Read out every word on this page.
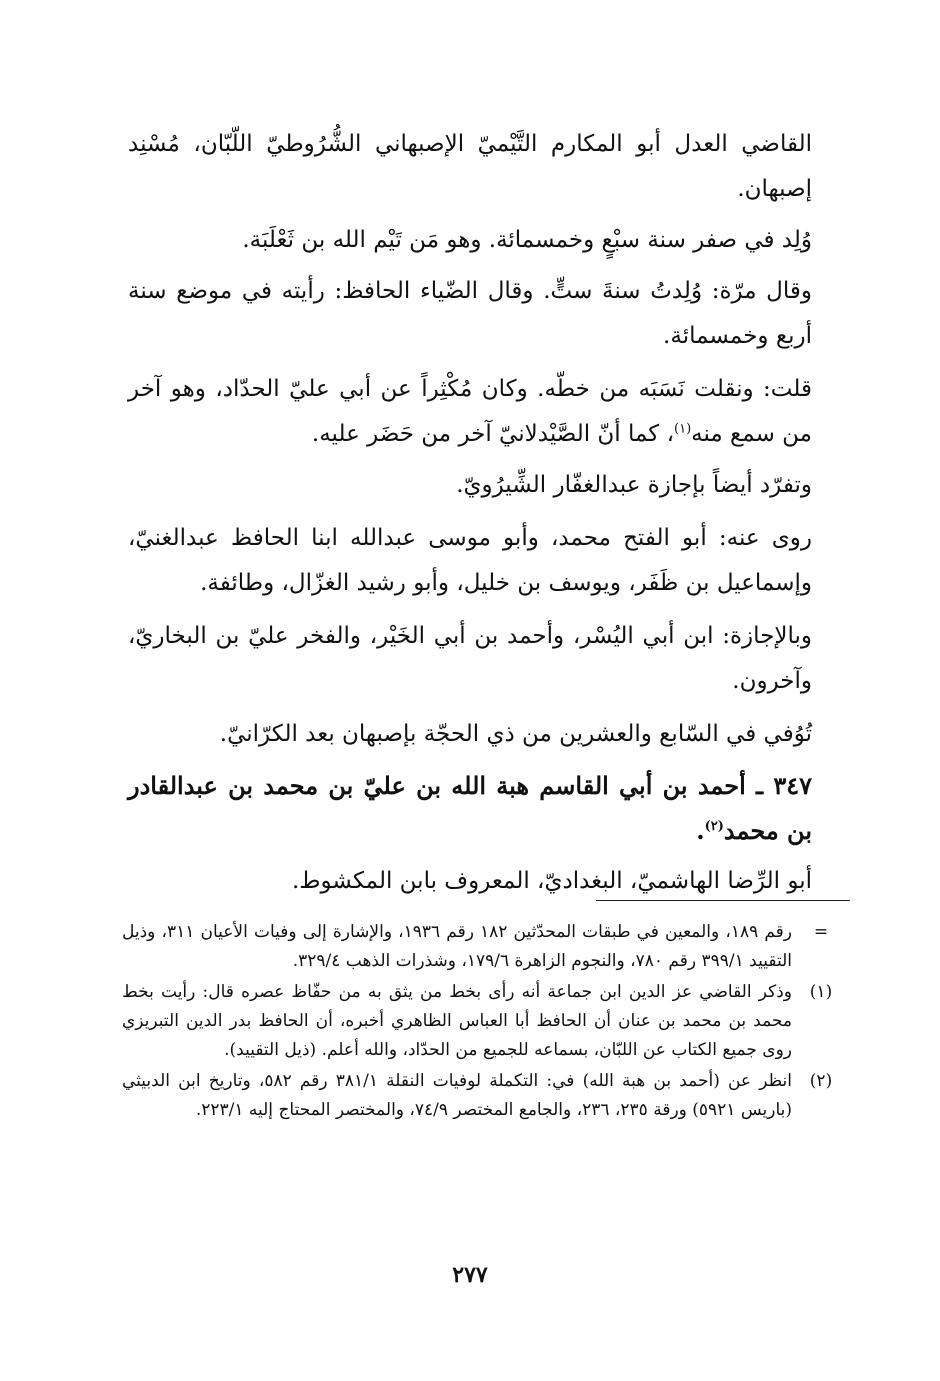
القاضي العدل أبو المكارم التَّيْميّ الإصبهاني الشُّرُوطيّ اللّبّان، مُسْنِد إصبهان.

وُلِد في صفر سنة سبْعٍ وخمسمائة. وهو مَن تَيْم الله بن ثَعْلَبَة.

وقال مرّة: وُلِدتُ سنةَ ستٍّ. وقال الضّياء الحافظ: رأيته في موضع سنة أربع وخمسمائة.

قلت: ونقلت نَسَبَه من خطّه. وكان مُكْثِراً عن أبي عليّ الحدّاد، وهو آخر من سمع منه$^{(١)}$، كما أنّ الصَّيْدلانيّ آخر من حَضَر عليه.

وتفرّد أيضاً بإجازة عبدالغفّار الشِّيرُويّ.

روى عنه: أبو الفتح محمد، وأبو موسى عبدالله ابنا الحافظ عبدالغنيّ، وإسماعيل بن ظَفَر، ويوسف بن خليل، وأبو رشيد الغزّال، وطائفة.

وبالإجازة: ابن أبي اليُسْر، وأحمد بن أبي الخَيْر، والفخر عليّ بن البخاريّ، وآخرون.

تُوُفي في السّابع والعشرين من ذي الحجّة بإصبهان بعد الكرّانيّ.

٣٤٧ ـ أحمد بن أبي القاسم هبة الله بن عليّ بن محمد بن عبدالقادر بن محمد$^{(٢)}$.

أبو الرِّضا الهاشميّ، البغداديّ، المعروف بابن المكشوط.

=
رقم ١٨٩، والمعين في طبقات المحدّثين ١٨٢ رقم ١٩٣٦، والإشارة إلى وفيات الأعيان ٣١١، وذيل التقييد ٣٩٩/١ رقم ٧٨٠، والنجوم الزاهرة ١٧٩/٦، وشذرات الذهب ٣٢٩/٤.
(١)
وذكر القاضي عز الدين ابن جماعة أنه رأى بخط من يثق به من حفّاظ عصره قال: رأيت بخط محمد بن محمد بن عنان أن الحافظ أبا العباس الظاهري أخبره، أن الحافظ بدر الدين التبريزي روى جميع الكتاب عن اللبّان، بسماعه للجميع من الحدّاد، والله أعلم. (ذيل التقييد).
(٢)
انظر عن (أحمد بن هبة الله) في: التكملة لوفيات النقلة ٣٨١/١ رقم ٥٨٢، وتاريخ ابن الدبيثي (باريس ٥٩٢١) ورقة ٢٣٥، ٢٣٦، والجامع المختصر ٧٤/٩، والمختصر المحتاج إليه ٢٢٣/١.
٢٧٧
